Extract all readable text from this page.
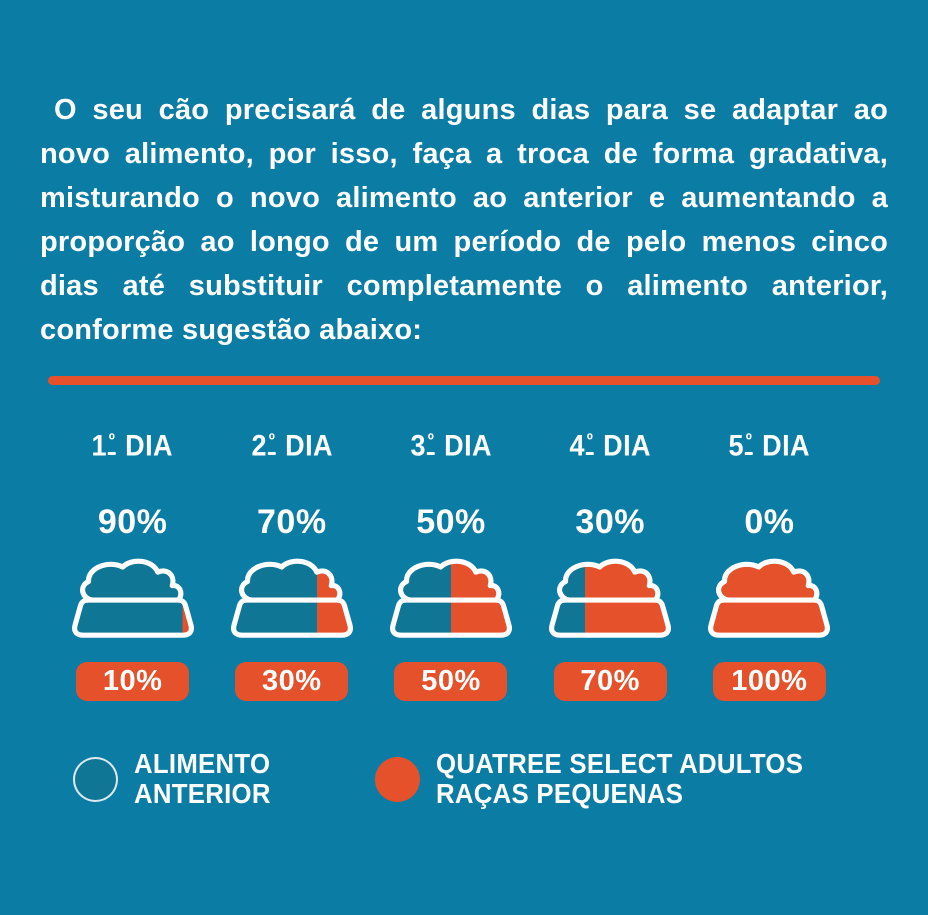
O seu cão precisará de alguns dias para se adaptar ao novo alimento, por isso, faça a troca de forma gradativa, misturando o novo alimento ao anterior e aumentando a proporção ao longo de um período de pelo menos cinco dias até substituir completamente o alimento anterior, conforme sugestão abaixo:

$1^º$ DIA	$2^º$ DIA	$3^º$ DIA	$4^º$ DIA	$5^º$ DIA
90%	70%	50%	30%	0%
10%	30%	50%	70%	100%
ALIMENTO
ANTERIOR
QUATREE SELECT ADULTOS
RAÇAS PEQUENAS
